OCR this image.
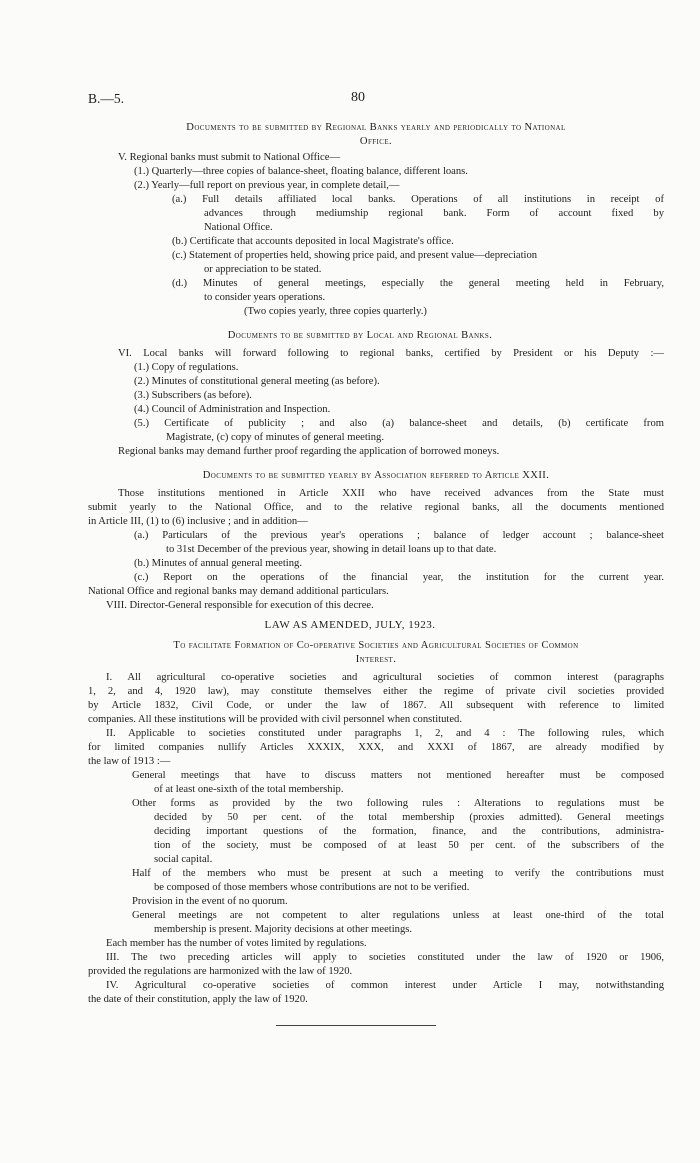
B.—5.	80
Documents to be submitted by Regional Banks yearly and periodically to National
Office.
V. Regional banks must submit to National Office—
(1.) Quarterly—three copies of balance-sheet, floating balance, different loans.
(2.) Yearly—full report on previous year, in complete detail,—
(a.) Full details affiliated local banks. Operations of all institutions in receipt of
advances through mediumship regional bank. Form of account fixed by
National Office.
(b.) Certificate that accounts deposited in local Magistrate's office.
(c.) Statement of properties held, showing price paid, and present value—depreciation
or appreciation to be stated.
(d.) Minutes of general meetings, especially the general meeting held in February,
to consider years operations.
(Two copies yearly, three copies quarterly.)
Documents to be submitted by Local and Regional Banks.
VI. Local banks will forward following to regional banks, certified by President or his Deputy :—
(1.) Copy of regulations.
(2.) Minutes of constitutional general meeting (as before).
(3.) Subscribers (as before).
(4.) Council of Administration and Inspection.
(5.) Certificate of publicity ; and also (a) balance-sheet and details, (b) certificate from
Magistrate, (c) copy of minutes of general meeting.
Regional banks may demand further proof regarding the application of borrowed moneys.
Documents to be submitted yearly by Association referred to Article XXII.
Those institutions mentioned in Article XXII who have received advances from the State must
submit yearly to the National Office, and to the relative regional banks, all the documents mentioned
in Article III, (1) to (6) inclusive ; and in addition—
(a.) Particulars of the previous year's operations ; balance of ledger account ; balance-sheet
to 31st December of the previous year, showing in detail loans up to that date.
(b.) Minutes of annual general meeting.
(c.) Report on the operations of the financial year, the institution for the current year.
National Office and regional banks may demand additional particulars.
VIII. Director-General responsible for execution of this decree.
LAW AS AMENDED, JULY, 1923.
To facilitate Formation of Co-operative Societies and Agricultural Societies of Common
Interest.
I. All agricultural co-operative societies and agricultural societies of common interest (paragraphs
1, 2, and 4, 1920 law), may constitute themselves either the regime of private civil societies provided
by Article 1832, Civil Code, or under the law of 1867. All subsequent with reference to limited
companies. All these institutions will be provided with civil personnel when constituted.
II. Applicable to societies constituted under paragraphs 1, 2, and 4 : The following rules, which
for limited companies nullify Articles XXXIX, XXX, and XXXI of 1867, are already modified by
the law of 1913 :—
General meetings that have to discuss matters not mentioned hereafter must be composed
of at least one-sixth of the total membership.
Other forms as provided by the two following rules : Alterations to regulations must be
decided by 50 per cent. of the total membership (proxies admitted). General meetings
deciding important questions of the formation, finance, and the contributions, administra-
tion of the society, must be composed of at least 50 per cent. of the subscribers of the
social capital.
Half of the members who must be present at such a meeting to verify the contributions must
be composed of those members whose contributions are not to be verified.
Provision in the event of no quorum.
General meetings are not competent to alter regulations unless at least one-third of the total
membership is present. Majority decisions at other meetings.
Each member has the number of votes limited by regulations.
III. The two preceding articles will apply to societies constituted under the law of 1920 or 1906,
provided the regulations are harmonized with the law of 1920.
IV. Agricultural co-operative societies of common interest under Article I may, notwithstanding
the date of their constitution, apply the law of 1920.
